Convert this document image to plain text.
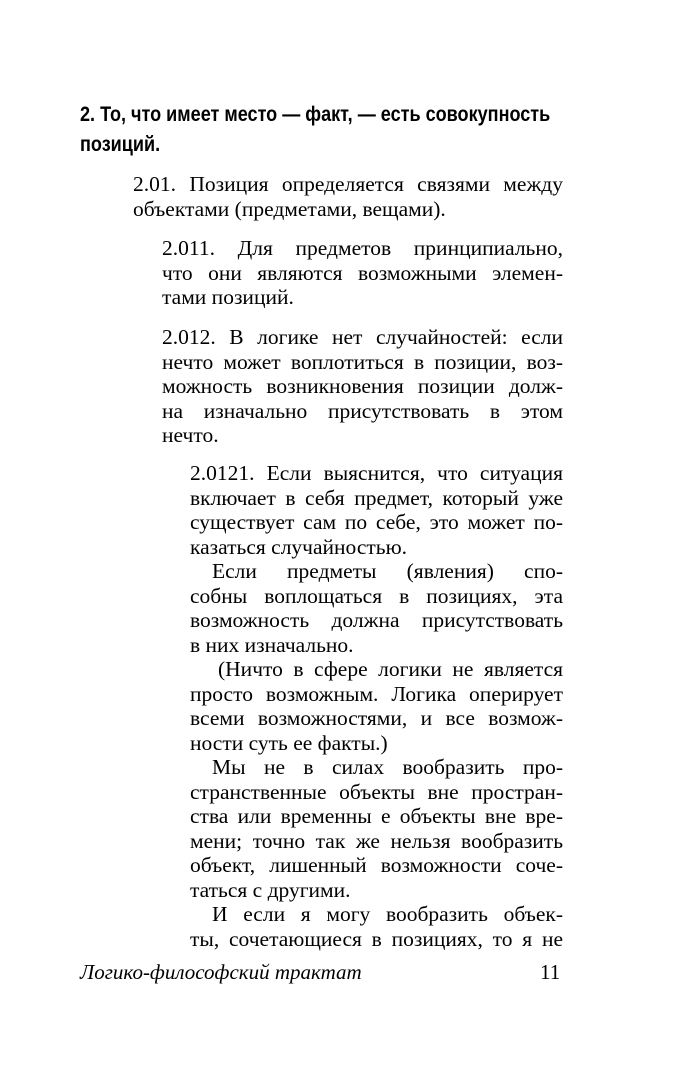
2. То, что имеет место — факт, — есть совокупность
позиций.
2.01. Позиция определяется связями между
объектами (предметами, вещами).
2.011. Для предметов принципиально,
что они являются возможными элемен-
тами позиций.
2.012. В логике нет случайностей: если
нечто может воплотиться в позиции, воз-
можность возникновения позиции долж-
на изначально присутствовать в этом
нечто.
2.0121. Если выяснится, что ситуация
включает в себя предмет, который уже
существует сам по себе, это может по-
казаться случайностью.
Если предметы (явления) спо-
собны воплощаться в позициях, эта
возможность должна присутствовать
в них изначально.
(Ничто в сфере логики не является
просто возможным. Логика оперирует
всеми возможностями, и все возмож-
ности суть ее факты.)
Мы не в силах вообразить про-
странственные объекты вне простран-
ства или временны е объекты вне вре-
мени; точно так же нельзя вообразить
объект, лишенный возможности соче-
таться с другими.
И если я могу вообразить объек-
ты, сочетающиеся в позициях, то я не
Логико-философский трактат	11
